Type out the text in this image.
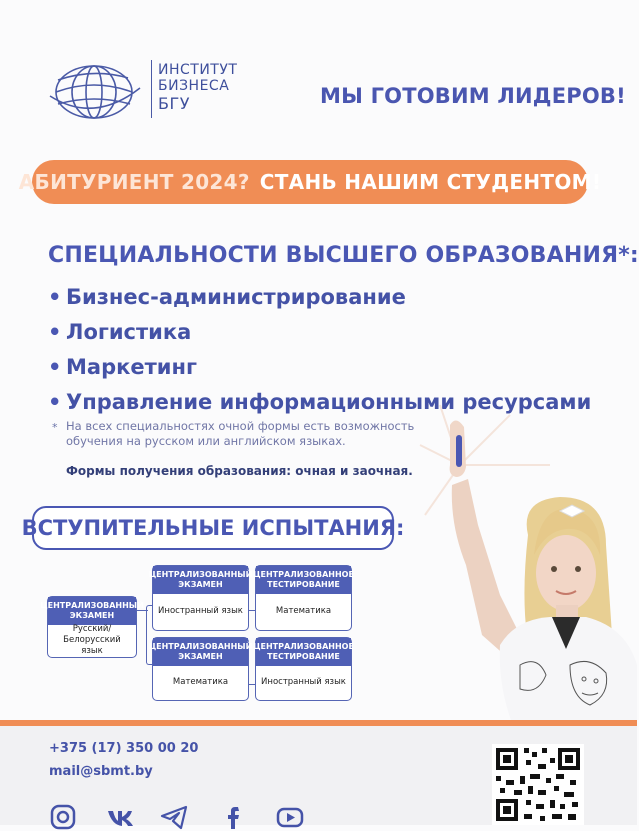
ИНСТИТУТ
БИЗНЕСА
БГУ	МЫ ГОТОВИМ ЛИДЕРОВ!
АБИТУРИЕНТ 2024? СТАНЬ НАШИМ СТУДЕНТОМ!
СПЕЦИАЛЬНОСТИ ВЫСШЕГО ОБРАЗОВАНИЯ*:
• Бизнес-администрирование
• Логистика
• Маркетинг
• Управление информационными ресурсами
* На всех специальностях очной формы есть возможность обучения на русском или английском языках.
Формы получения образования: очная и заочная.
ВСТУПИТЕЛЬНЫЕ ИСПЫТАНИЯ:
ЦЕНТРАЛИЗОВАННЫЙ ЭКЗАМЕН
Русский/ Белорусский язык
ЦЕНТРАЛИЗОВАННЫЙ ЭКЗАМЕН
Иностранный язык
ЦЕНТРАЛИЗОВАННОЕ ТЕСТИРОВАНИЕ
Математика
ЦЕНТРАЛИЗОВАННЫЙ ЭКЗАМЕН
Математика
ЦЕНТРАЛИЗОВАННОЕ ТЕСТИРОВАНИЕ
Иностранный язык
+375 (17) 350 00 20
mail@sbmt.by
